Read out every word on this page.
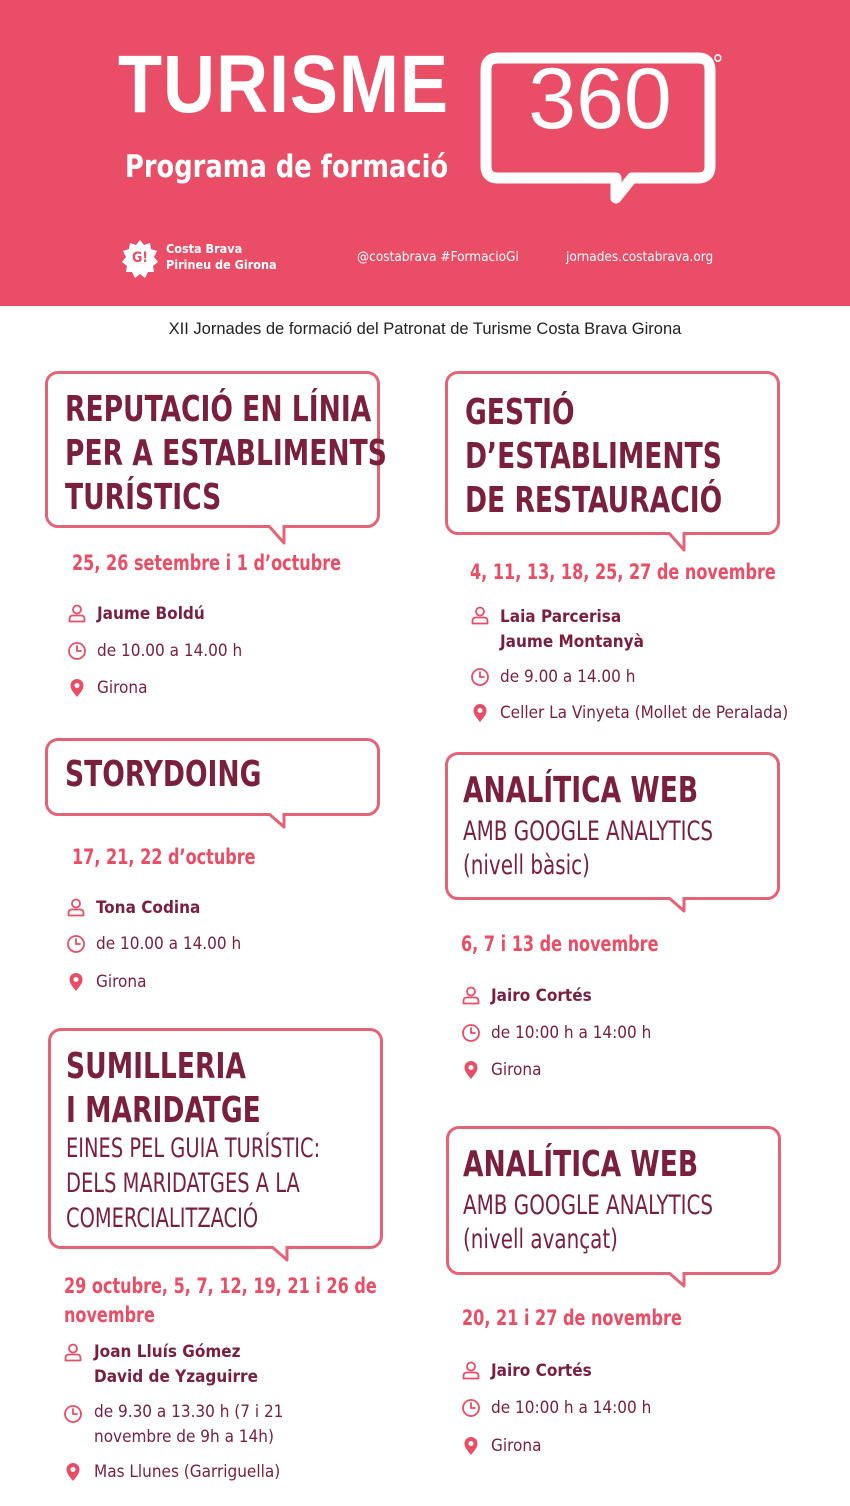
TURISME 360	°
Programa de formació
G!
Costa Brava
Pirineu de Girona	@costabrava #FormacioGi	jornades.costabrava.org
XII Jornades de formació del Patronat de Turisme Costa Brava Girona
REPUTACIÓ EN LÍNIA
PER A ESTABLIMENTS
TURÍSTICS
25, 26 setembre i 1 d’octubre
Jaume Boldú
de 10.00 a 14.00 h
Girona
GESTIÓ
D’ESTABLIMENTS
DE RESTAURACIÓ
4, 11, 13, 18, 25, 27 de novembre
Laia Parcerisa
Jaume Montanyà
de 9.00 a 14.00 h
Celler La Vinyeta (Mollet de Peralada)
STORYDOING
17, 21, 22 d’octubre
Tona Codina
de 10.00 a 14.00 h
Girona
ANALÍTICA WEB
AMB GOOGLE ANALYTICS
(nivell bàsic)
6, 7 i 13 de novembre
Jairo Cortés
de 10:00 h a 14:00 h
Girona
SUMILLERIA
I MARIDATGE
EINES PEL GUIA TURÍSTIC:
DELS MARIDATGES A LA
COMERCIALITZACIÓ
29 octubre, 5, 7, 12, 19, 21 i 26 de
novembre
Joan Lluís Gómez
David de Yzaguirre
de 9.30 a 13.30 h (7 i 21
novembre de 9h a 14h)
Mas Llunes (Garriguella)
ANALÍTICA WEB
AMB GOOGLE ANALYTICS
(nivell avançat)
20, 21 i 27 de novembre
Jairo Cortés
de 10:00 h a 14:00 h
Girona
